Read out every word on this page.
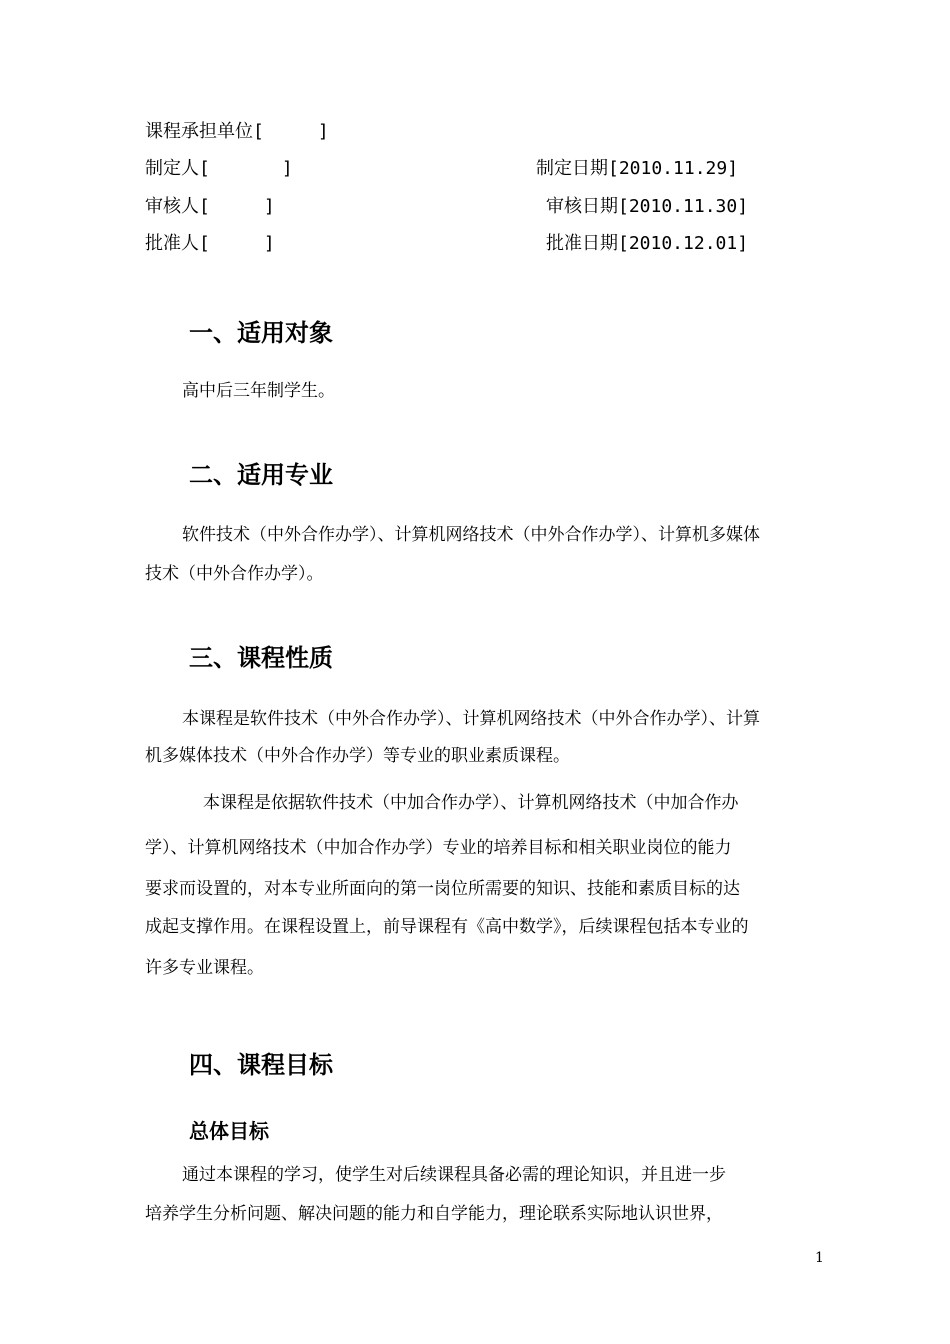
课程承担单位[　　　]
制定人[　　　　]	制定日期[2010.11.29]
审核人[　　　]	审核日期[2010.11.30]
批准人[　　　]	批准日期[2010.12.01]
一、适用对象
高中后三年制学生。
二、适用专业
软件技术（中外合作办学）、计算机网络技术（中外合作办学）、计算机多媒体
技术（中外合作办学）。
三、课程性质
本课程是软件技术（中外合作办学）、计算机网络技术（中外合作办学）、计算
机多媒体技术（中外合作办学）等专业的职业素质课程。
本课程是依据软件技术（中加合作办学）、计算机网络技术（中加合作办
学）、计算机网络技术（中加合作办学）专业的培养目标和相关职业岗位的能力
要求而设置的，对本专业所面向的第一岗位所需要的知识、技能和素质目标的达
成起支撑作用。在课程设置上，前导课程有《高中数学》，后续课程包括本专业的
许多专业课程。
四、课程目标
总体目标
通过本课程的学习，使学生对后续课程具备必需的理论知识，并且进一步
培养学生分析问题、解决问题的能力和自学能力，理论联系实际地认识世界，
1
